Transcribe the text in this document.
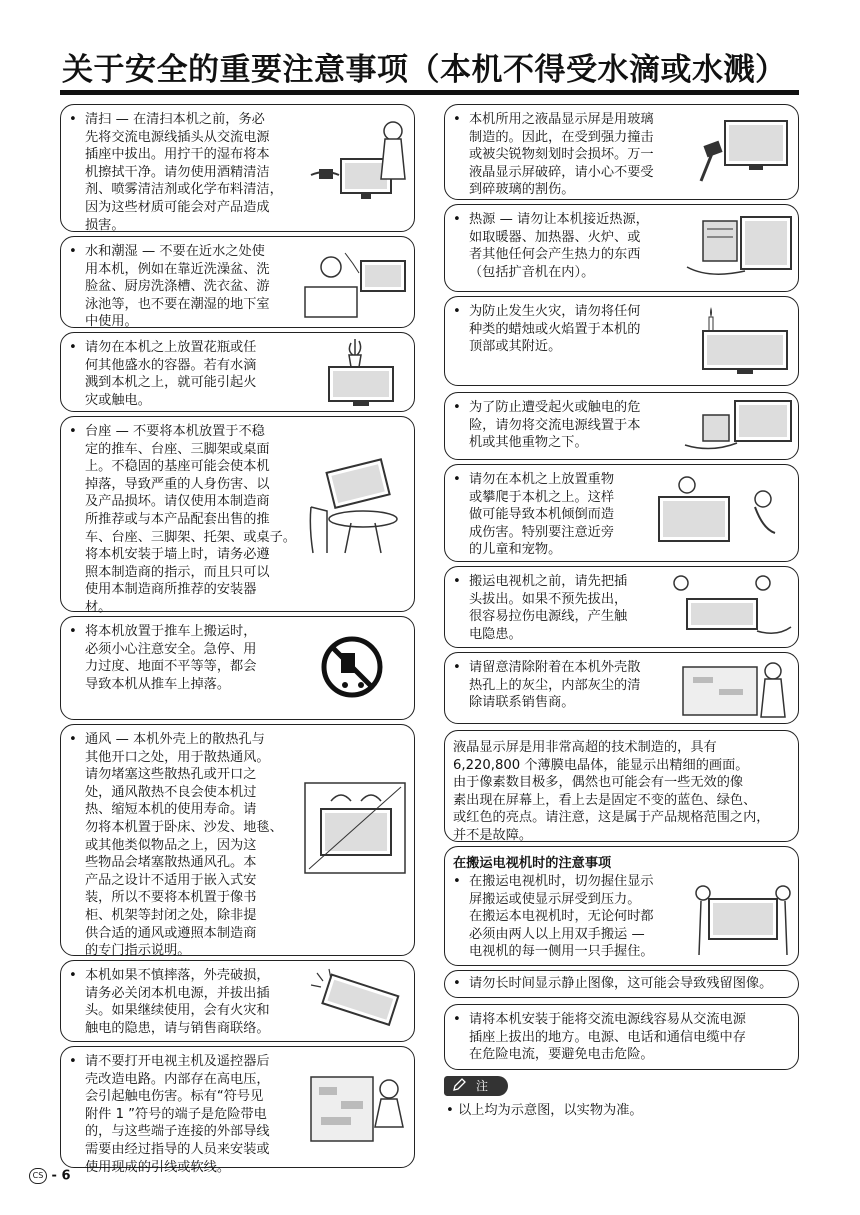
关于安全的重要注意事项（本机不得受水滴或水溅）
• 清扫 — 在清扫本机之前，务必
先将交流电源线插头从交流电源
插座中拔出。用拧干的湿布将本
机擦拭干净。请勿使用酒精清洁
剂、喷雾清洁剂或化学布料清洁，
因为这些材质可能会对产品造成
损害。
• 水和潮湿 — 不要在近水之处使
用本机，例如在靠近洗澡盆、洗
脸盆、厨房洗涤槽、洗衣盆、游
泳池等，也不要在潮湿的地下室
中使用。
• 请勿在本机之上放置花瓶或任
何其他盛水的容器。若有水滴
溅到本机之上，就可能引起火
灾或触电。
• 台座 — 不要将本机放置于不稳
定的推车、台座、三脚架或桌面
上。不稳固的基座可能会使本机
掉落，导致严重的人身伤害、以
及产品损坏。请仅使用本制造商
所推荐或与本产品配套出售的推
车、台座、三脚架、托架、或桌子。
将本机安装于墙上时，请务必遵
照本制造商的指示，而且只可以
使用本制造商所推荐的安装器
材。
• 将本机放置于推车上搬运时，
必须小心注意安全。急停、用
力过度、地面不平等等，都会
导致本机从推车上掉落。
• 通风 — 本机外壳上的散热孔与
其他开口之处，用于散热通风。
请勿堵塞这些散热孔或开口之
处，通风散热不良会使本机过
热、缩短本机的使用寿命。请
勿将本机置于卧床、沙发、地毯、
或其他类似物品之上，因为这
些物品会堵塞散热通风孔。本
产品之设计不适用于嵌入式安
装，所以不要将本机置于像书
柜、机架等封闭之处，除非提
供合适的通风或遵照本制造商
的专门指示说明。
• 本机如果不慎摔落，外壳破损，
请务必关闭本机电源，并拔出插
头。如果继续使用，会有火灾和
触电的隐患，请与销售商联络。
• 请不要打开电视主机及遥控器后
壳改造电路。内部存在高电压，
会引起触电伤害。标有“符号见
附件 1 ”符号的端子是危险带电
的，与这些端子连接的外部导线
需要由经过指导的人员来安装或
使用现成的引线或软线。
• 本机所用之液晶显示屏是用玻璃
制造的。因此，在受到强力撞击
或被尖锐物刻划时会损坏。万一
液晶显示屏破碎，请小心不要受
到碎玻璃的割伤。
• 热源 — 请勿让本机接近热源，
如取暖器、加热器、火炉、或
者其他任何会产生热力的东西
（包括扩音机在内）。
• 为防止发生火灾，请勿将任何
种类的蜡烛或火焰置于本机的
顶部或其附近。
• 为了防止遭受起火或触电的危
险，请勿将交流电源线置于本
机或其他重物之下。
• 请勿在本机之上放置重物
或攀爬于本机之上。这样
做可能导致本机倾倒而造
成伤害。特别要注意近旁
的儿童和宠物。
• 搬运电视机之前，请先把插
头拔出。如果不预先拔出，
很容易拉伤电源线，产生触
电隐患。
• 请留意清除附着在本机外壳散
热孔上的灰尘，内部灰尘的清
除请联系销售商。
液晶显示屏是用非常高超的技术制造的，具有
6,220,800 个薄膜电晶体，能显示出精细的画面。
由于像素数目极多，偶然也可能会有一些无效的像
素出现在屏幕上，看上去是固定不变的蓝色、绿色、
或红色的亮点。请注意，这是属于产品规格范围之内，
并不是故障。
在搬运电视机时的注意事项
• 在搬运电视机时，切勿握住显示
屏搬运或使显示屏受到压力。
在搬运本电视机时，无论何时都
必须由两人以上用双手搬运 —
电视机的每一侧用一只手握住。
• 请勿长时间显示静止图像，这可能会导致残留图像。
• 请将本机安装于能将交流电源线容易从交流电源
插座上拔出的地方。电源、电话和通信电缆中存
在危险电流，要避免电击危险。
注
• 以上均为示意图，以实物为准。
CS - 6
